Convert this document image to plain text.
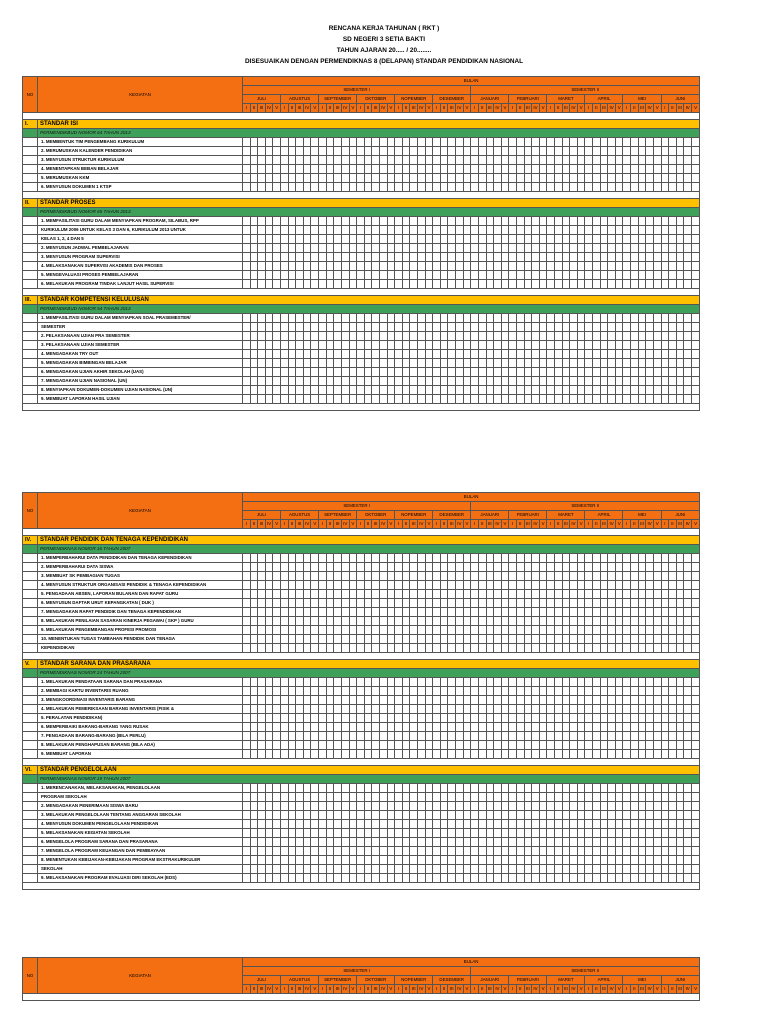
RENCANA KERJA TAHUNAN ( RKT )
SD NEGERI 3 SETIA BAKTI
TAHUN AJARAN 20..... / 20........
DISESUAIKAN DENGAN PERMENDIKNAS 8 (DELAPAN) STANDAR PENDIDIKAN NASIONAL
NO	KEGIATAN	BULAN																																																											
		SEMESTER I																														SEMESTER II																													
		JULI					AGUSTUS					SEPTEMBER					OKTOBER					NOPEMBER					DESEMBER					JANUARI					FEBRUARI					MARET					APRIL					MEI					JUNI				
		I	II	III	IV	V	I	II	III	IV	V	I	II	III	IV	V	I	II	III	IV	V	I	II	III	IV	V	I	II	III	IV	V	I	II	III	IV	V	I	II	III	IV	V	I	II	III	IV	V	I	II	III	IV	V	I	II	III	IV	V	I	II	III	IV	V

I.	STANDAR ISI																																																												
	PERMENDIKBUD NOMOR 64 TAHUN 2013																																																												
	1. MEMBENTUK TIM PENGEMBANG KURIKULUM																																																												
	2. MERUMUSKAN KALENDER PENDIDIKAN																																																												
	3. MENYUSUN STRUKTUR KURIKULUM																																																												
	4. MENENTAPKAN BEBAN BELAJAR																																																												
	5. MERUMUSKAN KKM																																																												
	6. MENYUSUN DOKUMEN 1 KTSP																																																												

II.	STANDAR PROSES																																																												
	PERMENDIKBUD NOMOR 65 TAHUN 2013																																																												
	1. MEMFASILITASI GURU DALAM MENYIAPKAN PROGRAM, SILABUS, RPP																																																												
	KURIKULUM 2006 UNTUK KELAS 3 DAN 6, KURIKULUM 2013 UNTUK																																																												
	KELAS 1, 2, 4 DAN 5																																																												
	2. MENYUSUN JADWAL PEMBELAJARAN																																																												
	3. MENYUSUN PROGRAM SUPERVISI																																																												
	4. MELAKSANAKAN SUPERVISI AKADEMIS DAN PROSES																																																												
	5. MENGEVALUASI PROSES PEMBELAJARAN																																																												
	6. MELAKUKAN PROGRAM TINDAK LANJUT HASIL SUPERVISI																																																												

III.	STANDAR KOMPETENSI KELULUSAN																																																												
	PERMENDIKBUD NOMOR 54 TAHUN 2013																																																												
	1. MEMFASILITASI GURU DALAM MENYIAPKAN SOAL PRASEMESTER/																																																												
	SEMESTER																																																												
	2. PELAKSANAAN UJIAN PRA SEMESTER																																																												
	3. PELAKSANAAN UJIAN SEMESTER																																																												
	4. MENGADAKAN TRY OUT																																																												
	5. MENGADAKAN BIMBINGAN BELAJAR																																																												
	6. MENGADAKAN UJIAN AKHIR SEKOLAH (UAS)																																																												
	7. MENGADAKAN UJIAN NASIONAL (UN)																																																												
	8. MENYIAPKAN DOKUMEN-DOKUMEN UJIAN NASIONAL (UN)																																																												
	9. MEMBUAT LAPORAN HASIL UJIAN																																																												

NO	KEGIATAN	BULAN																																																											
		SEMESTER I																														SEMESTER II																													
		JULI					AGUSTUS					SEPTEMBER					OKTOBER					NOPEMBER					DESEMBER					JANUARI					FEBRUARI					MARET					APRIL					MEI					JUNI				
		I	II	III	IV	V	I	II	III	IV	V	I	II	III	IV	V	I	II	III	IV	V	I	II	III	IV	V	I	II	III	IV	V	I	II	III	IV	V	I	II	III	IV	V	I	II	III	IV	V	I	II	III	IV	V	I	II	III	IV	V	I	II	III	IV	V

IV.	STANDAR PENDIDIK DAN TENAGA KEPENDIDIKAN																																																												
	PERMENDIKNAS NOMOR 16 TAHUN 2007																																																												
	1. MEMPERBAHARUI DATA PENDIDIKAN DAN TENAGA KEPENDIDIKAN																																																												
	2. MEMPERBAHARUI DATA SISWA																																																												
	3. MEMBUAT SK PEMBAGIAN TUGAS																																																												
	4. MENYUSUN STRUKTUR ORGANISASI PENDIDIK & TENAGA KEPENDIDIKAN																																																												
	5. PENGADAAN ABSEN, LAPORAN BULANAN DAN RAPAT GURU																																																												
	6. MENYUSUN DAFTAR URUT KEPANGKATAN ( DUK )																																																												
	7. MENGADAKAN RAPAT PENDIDIK DAN TENAGA KEPENDIDIKAN																																																												
	8. MELAKUKAN PENILAIAN SASARAN KINERJA PEGAWAI ( SKP ) GURU																																																												
	9. MELAKUKAN PENGEMBANGAN PROFESI PROMOSI																																																												
	10. MENENTUKAN TUGAS TAMBAHAN PENDIDIK DAN TENAGA																																																												
	KEPENDIDIKAN																																																												

V.	STANDAR SARANA DAN PRASARANA																																																												
	PERMENDIKNAS NOMOR 24 TAHUN 2007																																																												
	1. MELAKUKAN PENDATAAN SARANA DAN PRASARANA																																																												
	2. MEMBAGI KARTU INVENTARIS RUANG																																																												
	3. MENGKOORDINASI INVENTARIS BARANG																																																												
	4. MELAKUKAN PEMERIKSAAN BARANG INVENTARIS (FISIK &																																																												
	5. PERALATAN PENDIDIKAN)																																																												
	6. MEMPERBAIKI BARANG-BARANG YANG RUSAK																																																												
	7. PENGADAAN BARANG-BARANG (BILA PERLU)																																																												
	8. MELAKUKAN PENGHAPUSAN BARANG (BILA ADA)																																																												
	9. MEMBUAT LAPORAN																																																												

VI.	STANDAR PENGELOLAAN																																																												
	PERMENDIKNAS NOMOR 19 TAHUN 2007																																																												
	1. MERENCANAKAN, MELAKSANAKAN, PENGELOLAAN																																																												
	PROGRAM SEKOLAH																																																												
	2. MENGADAKAN PENERIMAAN SISWA BARU																																																												
	3. MELAKUKAN PENGELOLAAN TENTANG ANGGARAN SEKOLAH																																																												
	4. MENYUSUN DOKUMEN PENGELOLAAN PENDIDIKAN																																																												
	5. MELAKSANAKAN KEGIATAN SEKOLAH																																																												
	6. MENGELOLA PROGRAM SARANA DAN PRASARANA																																																												
	7. MENGELOLA PROGRAM KEUANGAN DAN PEMBIAYAAN																																																												
	8. MENENTUKAN KEBIJAKAN-KEBIJAKAN PROGRAM EKSTRAKURIKULER																																																												
	SEKOLAH																																																												
	9. MELAKSANAKAN PROGRAM EVALUASI DIRI SEKOLAH (EDS)																																																												

NO	KEGIATAN	BULAN																																																											
		SEMESTER I																														SEMESTER II																													
		JULI					AGUSTUS					SEPTEMBER					OKTOBER					NOPEMBER					DESEMBER					JANUARI					FEBRUARI					MARET					APRIL					MEI					JUNI				
		I	II	III	IV	V	I	II	III	IV	V	I	II	III	IV	V	I	II	III	IV	V	I	II	III	IV	V	I	II	III	IV	V	I	II	III	IV	V	I	II	III	IV	V	I	II	III	IV	V	I	II	III	IV	V	I	II	III	IV	V	I	II	III	IV	V
